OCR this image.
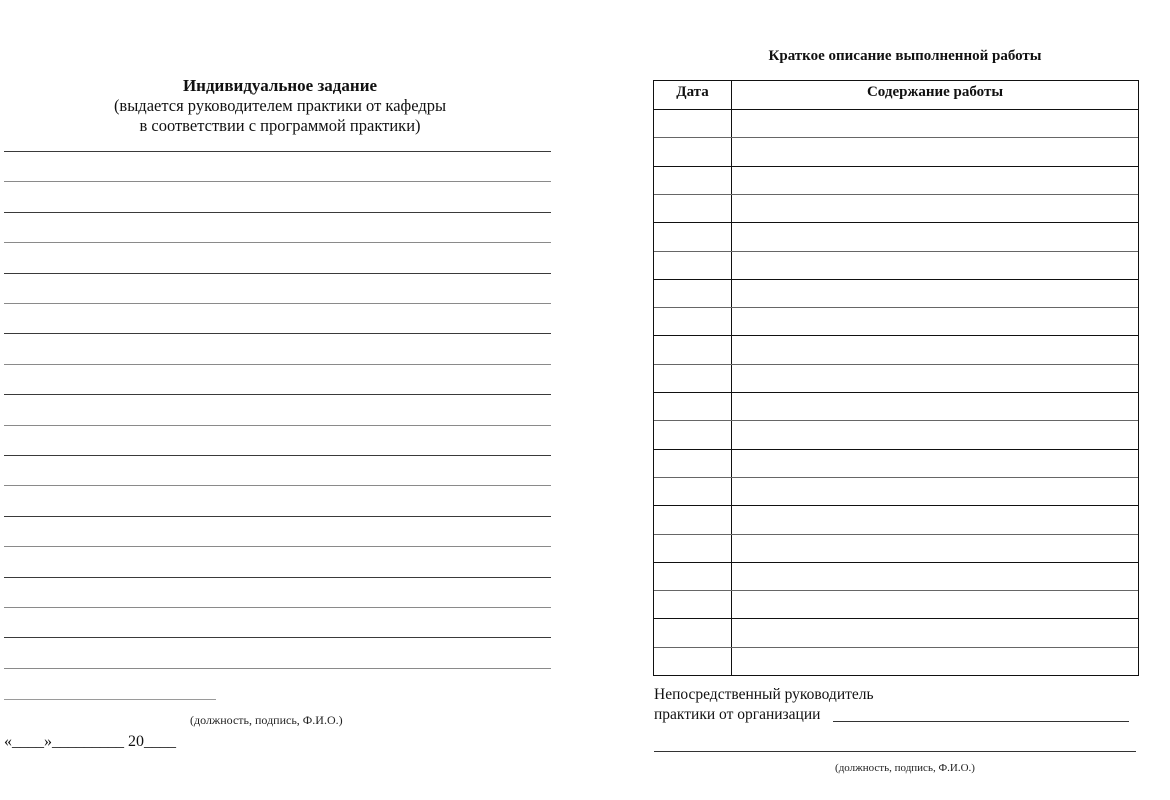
Индивидуальное задание
(выдается руководителем практики от кафедры
в соответствии с программой практики)
(должность, подпись, Ф.И.О.)
«____»_________ 20____
Краткое описание выполненной работы
Дата	Содержание работы
Непосредственный руководитель
практики от организации
(должность, подпись, Ф.И.О.)
